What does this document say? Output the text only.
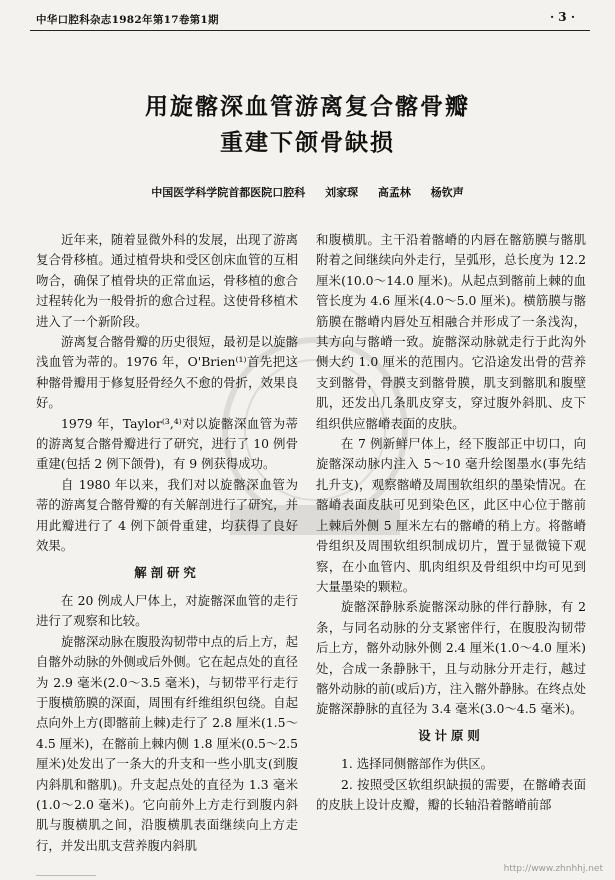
中华口腔科杂志1982年第17卷第1期	· 3 ·
用旋髂深血管游离复合髂骨瓣
重建下颌骨缺损
中国医学科学院首都医院口腔科 刘家琛 高孟林 杨钦声

近年来，随着显微外科的发展，出现了游离复合骨移植。通过植骨块和受区创床血管的互相吻合，确保了植骨块的正常血运，骨移植的愈合过程转化为一般骨折的愈合过程。这使骨移植术进入了一个新阶段。

游离复合髂骨瓣的历史很短，最初是以旋髂浅血管为蒂的。1976 年，O'Brien⁽¹⁾首先把这种髂骨瓣用于修复胫骨经久不愈的骨折，效果良好。

1979 年，Taylor⁽³,⁴⁾对以旋髂深血管为蒂的游离复合髂骨瓣进行了研究，进行了 10 例骨重建(包括 2 例下颌骨)，有 9 例获得成功。

自 1980 年以来，我们对以旋髂深血管为蒂的游离复合髂骨瓣的有关解剖进行了研究，并用此瓣进行了 4 例下颌骨重建，均获得了良好效果。

解剖研究

在 20 例成人尸体上，对旋髂深血管的走行进行了观察和比较。

旋髂深动脉在腹股沟韧带中点的后上方，起自髂外动脉的外侧或后外侧。它在起点处的直径为 2.9 毫米(2.0～3.5 毫米)，与韧带平行走行于腹横筋膜的深面，周围有纤维组织包绕。自起点向外上方(即髂前上棘)走行了 2.8 厘米(1.5～4.5 厘米)，在髂前上棘内侧 1.8 厘米(0.5～2.5 厘米)处发出了一条大的升支和一些小肌支(到腹内斜肌和髂肌)。升支起点处的直径为 1.3 毫米(1.0～2.0 毫米)。它向前外上方走行到腹内斜肌与腹横肌之间，沿腹横肌表面继续向上方走行，并发出肌支营养腹内斜肌

和腹横肌。主干沿着髂嵴的内唇在髂筋膜与髂肌附着之间继续向外走行，呈弧形，总长度为 12.2 厘米(10.0～14.0 厘米)。从起点到髂前上棘的血管长度为 4.6 厘米(4.0～5.0 厘米)。横筋膜与髂筋膜在髂嵴内唇处互相融合并形成了一条浅沟，其方向与髂嵴一致。旋髂深动脉就走行于此沟外侧大约 1.0 厘米的范围内。它沿途发出骨的营养支到髂骨，骨膜支到髂骨膜，肌支到髂肌和腹壁肌，还发出几条肌皮穿支，穿过腹外斜肌、皮下组织供应髂嵴表面的皮肤。

在 7 例新鲜尸体上，经下腹部正中切口，向旋髂深动脉内注入 5～10 毫升绘图墨水(事先结扎升支)，观察髂嵴及周围软组织的墨染情况。在髂嵴表面皮肤可见到染色区，此区中心位于髂前上棘后外侧 5 厘米左右的髂嵴的稍上方。将髂嵴骨组织及周围软组织制成切片，置于显微镜下观察，在小血管内、肌肉组织及骨组织中均可见到大量墨染的颗粒。

旋髂深静脉系旋髂深动脉的伴行静脉，有 2 条，与同名动脉的分支紧密伴行，在腹股沟韧带后上方，髂外动脉外侧 2.4 厘米(1.0～4.0 厘米)处，合成一条静脉干，且与动脉分开走行，越过髂外动脉的前(或后)方，注入髂外静脉。在终点处旋髂深静脉的直径为 3.4 毫米(3.0～4.5 毫米)。

设计原则

1. 选择同侧髂部作为供区。

2. 按照受区软组织缺损的需要，在髂嵴表面的皮肤上设计皮瓣，瓣的长轴沿着髂嵴前部

http://www.zhnhhj.net
